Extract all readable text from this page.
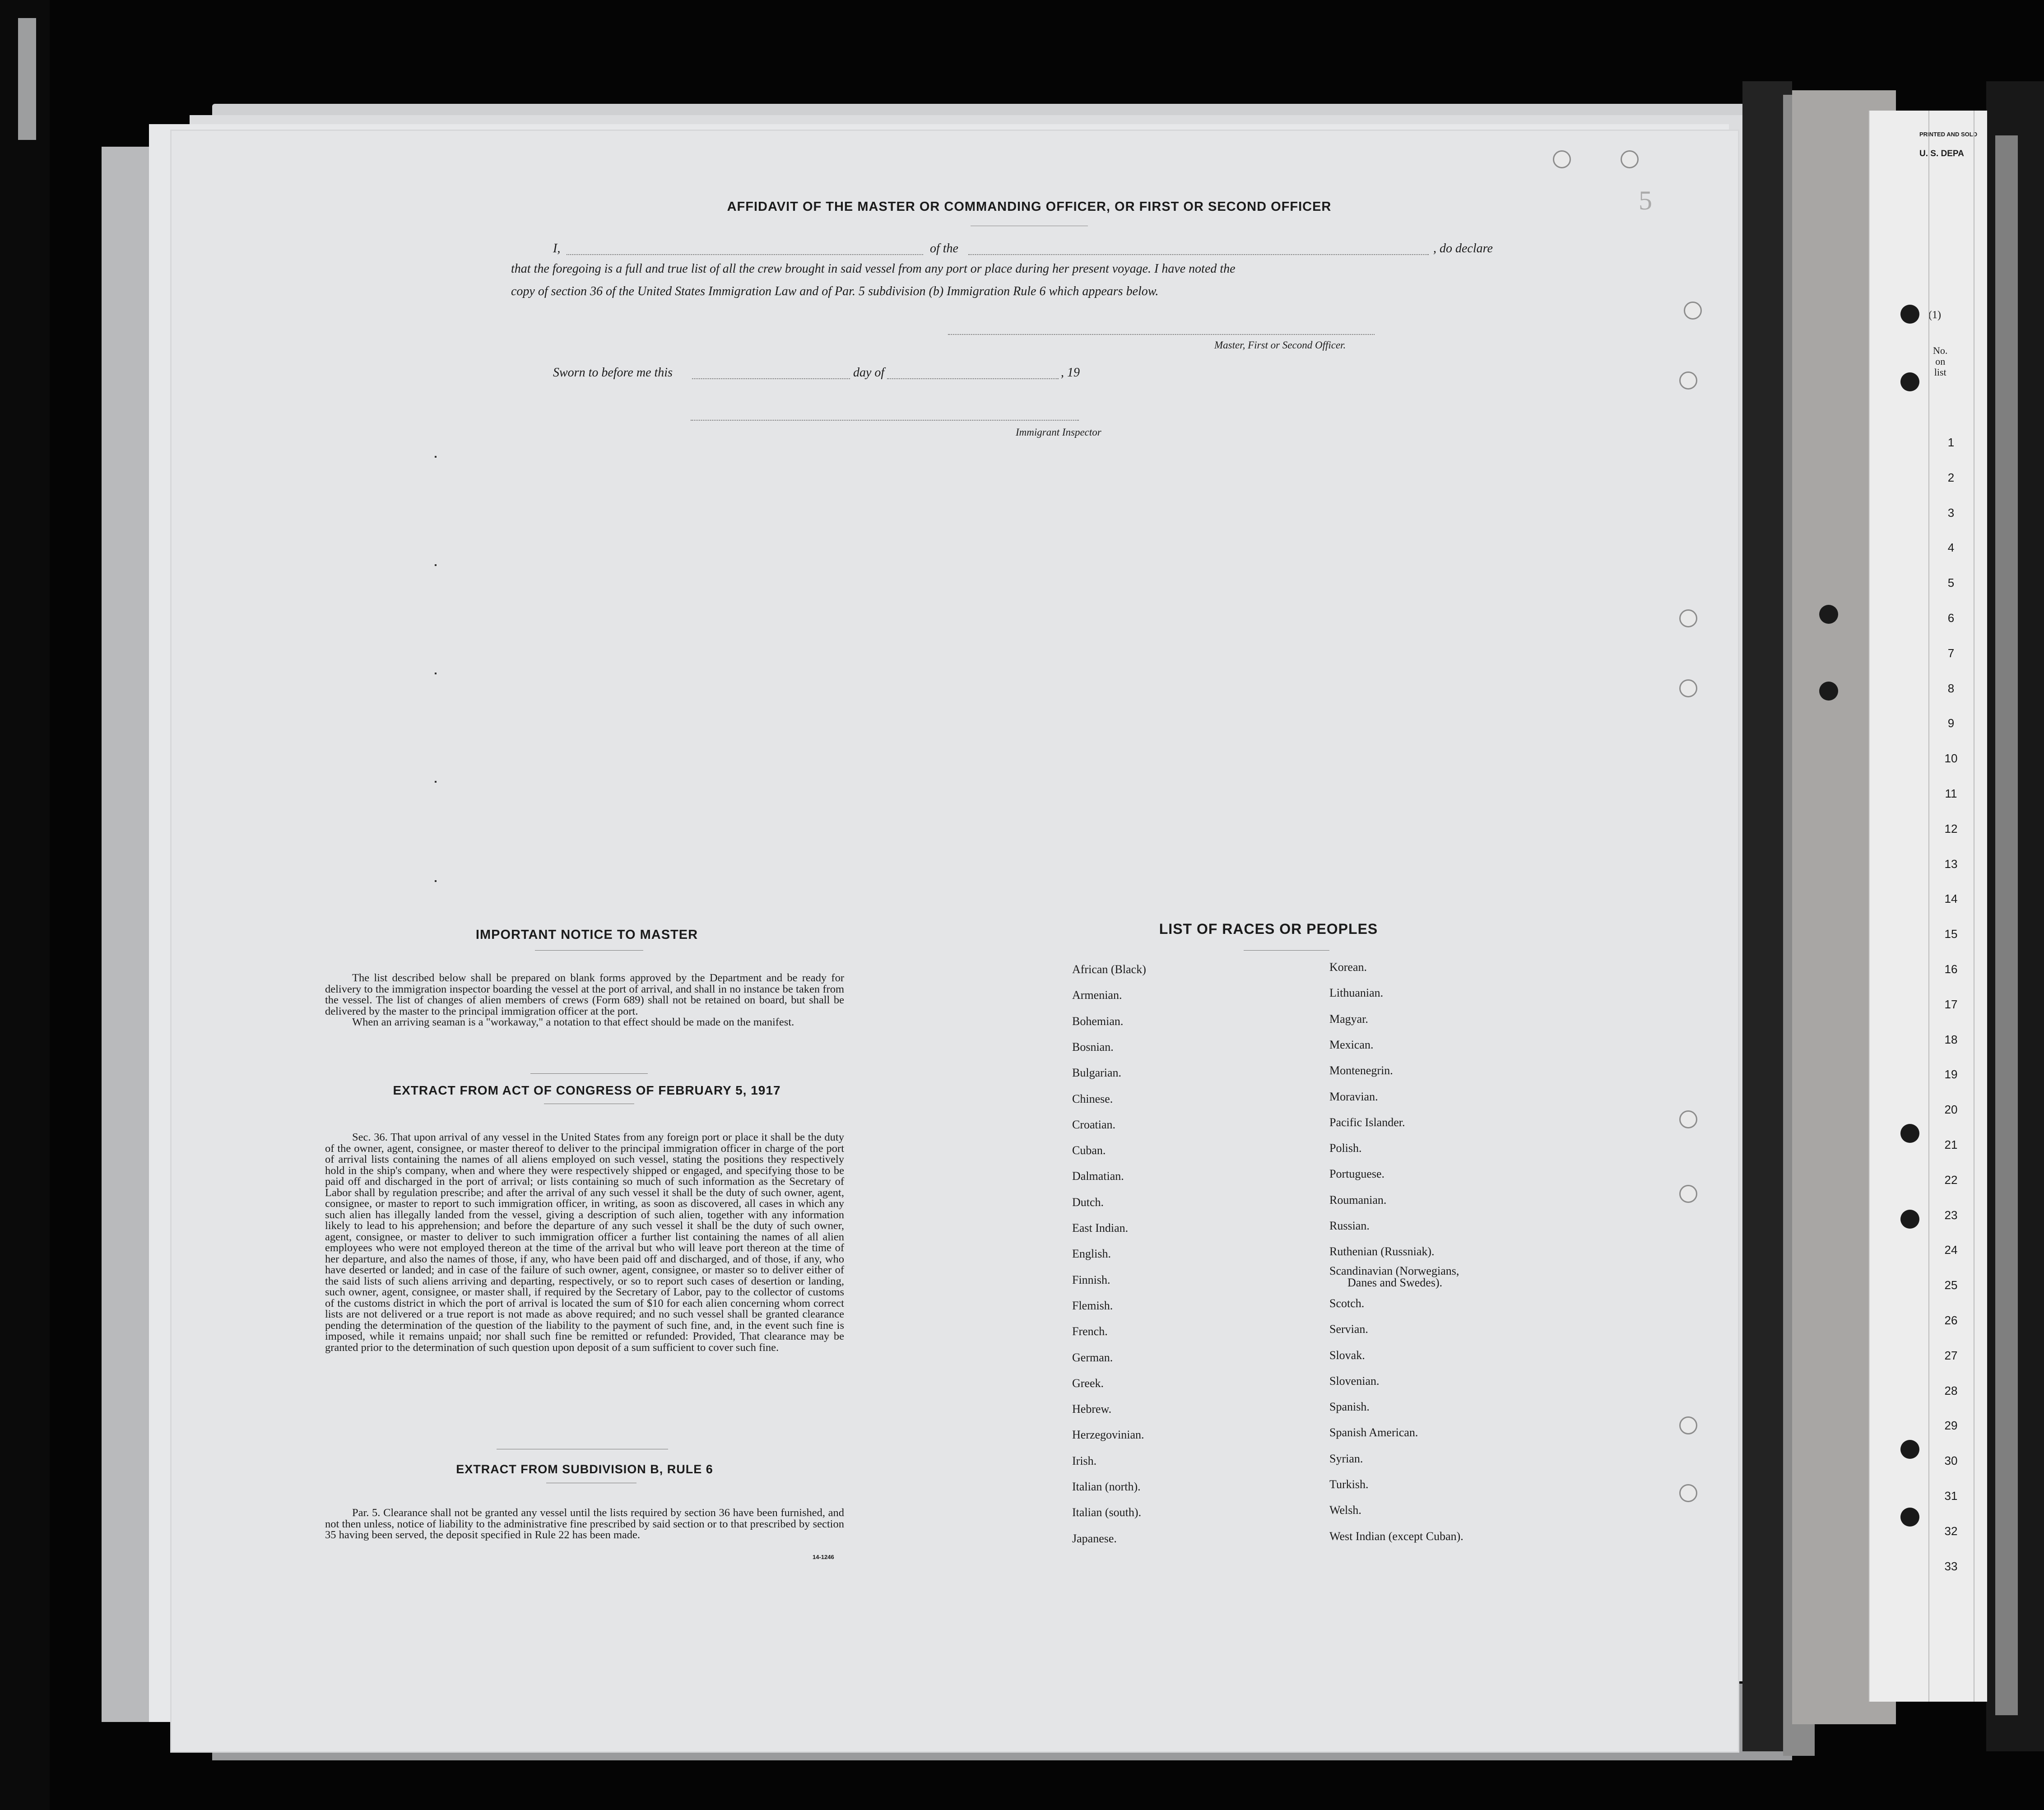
5
AFFIDAVIT OF THE MASTER OR COMMANDING OFFICER, OR FIRST OR SECOND OFFICER
I,	of the	, do declare
that the foregoing is a full and true list of all the crew brought in said vessel from any port or place during her present voyage. I have noted the
copy of section 36 of the United States Immigration Law and of Par. 5 subdivision (b) Immigration Rule 6 which appears below.
Master, First or Second Officer.
Sworn to before me this	day of	, 19
Immigrant Inspector
IMPORTANT NOTICE TO MASTER

The list described below shall be prepared on blank forms approved by the Department and be ready for delivery to the immigration inspector boarding the vessel at the port of arrival, and shall in no instance be taken from the vessel. The list of changes of alien members of crews (Form 689) shall not be retained on board, but shall be delivered by the master to the principal immigration officer at the port.

When an arriving seaman is a "workaway," a notation to that effect should be made on the manifest.

EXTRACT FROM ACT OF CONGRESS OF FEBRUARY 5, 1917

Sec. 36. That upon arrival of any vessel in the United States from any foreign port or place it shall be the duty of the owner, agent, consignee, or master thereof to deliver to the principal immigration officer in charge of the port of arrival lists containing the names of all aliens employed on such vessel, stating the positions they respectively hold in the ship's company, when and where they were respectively shipped or engaged, and specifying those to be paid off and discharged in the port of arrival; or lists containing so much of such information as the Secretary of Labor shall by regulation prescribe; and after the arrival of any such vessel it shall be the duty of such owner, agent, consignee, or master to report to such immigration officer, in writing, as soon as discovered, all cases in which any such alien has illegally landed from the vessel, giving a description of such alien, together with any information likely to lead to his apprehension; and before the departure of any such vessel it shall be the duty of such owner, agent, consignee, or master to deliver to such immigration officer a further list containing the names of all alien employees who were not employed thereon at the time of the arrival but who will leave port thereon at the time of her departure, and also the names of those, if any, who have been paid off and discharged, and of those, if any, who have deserted or landed; and in case of the failure of such owner, agent, consignee, or master so to deliver either of the said lists of such aliens arriving and departing, respectively, or so to report such cases of desertion or landing, such owner, agent, consignee, or master shall, if required by the Secretary of Labor, pay to the collector of customs of the customs district in which the port of arrival is located the sum of $10 for each alien concerning whom correct lists are not delivered or a true report is not made as above required; and no such vessel shall be granted clearance pending the determination of the question of the liability to the payment of such fine, and, in the event such fine is imposed, while it remains unpaid; nor shall such fine be remitted or refunded: Provided, That clearance may be granted prior to the determination of such question upon deposit of a sum sufficient to cover such fine.

EXTRACT FROM SUBDIVISION B, RULE 6

Par. 5. Clearance shall not be granted any vessel until the lists required by section 36 have been furnished, and not then unless, notice of liability to the administrative fine prescribed by said section or to that prescribed by section 35 having been served, the deposit specified in Rule 22 has been made.

14-1246
LIST OF RACES OR PEOPLES
African (Black)
Armenian.
Bohemian.
Bosnian.
Bulgarian.
Chinese.
Croatian.
Cuban.
Dalmatian.
Dutch.
East Indian.
English.
Finnish.
Flemish.
French.
German.
Greek.
Hebrew.
Herzegovinian.
Irish.
Italian (north).
Italian (south).
Japanese.
Korean.
Lithuanian.
Magyar.
Mexican.
Montenegrin.
Moravian.
Pacific Islander.
Polish.
Portuguese.
Roumanian.
Russian.
Ruthenian (Russniak).
Scandinavian (Norwegians,
Danes and Swedes).
Scotch.
Servian.
Slovak.
Slovenian.
Spanish.
Spanish American.
Syrian.
Turkish.
Welsh.
West Indian (except Cuban).
PRINTED AND SOLD
U. S. DEPA
(1)
No.
on
list
1
2
3
4
5
6
7
8
9
10
11
12
13
14
15
16
17
18
19
20
21
22
23
24
25
26
27
28
29
30
31
32
33
